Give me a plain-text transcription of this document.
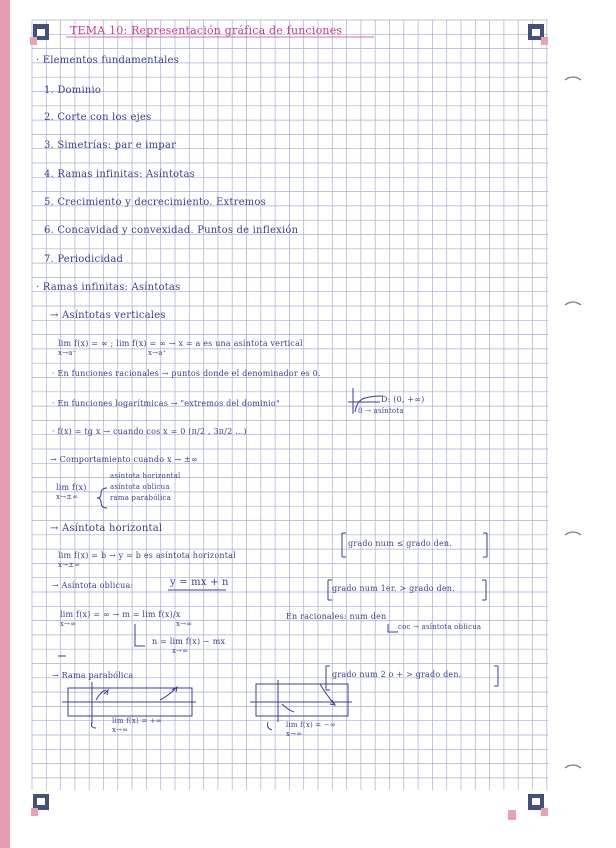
TEMA 10: Representación gráfica de funciones
· Elementos fundamentales
1. Dominio
2. Corte con los ejes
3. Simetrías: par e impar
4. Ramas infinitas: Asíntotas
5. Crecimiento y decrecimiento. Extremos
6. Concavidad y convexidad. Puntos de inflexión
7. Periodicidad
· Ramas infinitas: Asíntotas
→ Asíntotas verticales
lim f(x) = ∞ ; lim f(x) = ∞ → x = a es una asíntota vertical
x→a⁻	x→a⁺
· En funciones racionales → puntos donde el denominador es 0.
· En funciones logarítmicas → "extremos del dominio"	D: (0, +∞)
0 → asíntota
· f(x) = tg x → cuando cos x = 0 (π/2 , 3π/2 ...)
→ Comportamiento cuando x → ±∞
lim f(x)
x→±∞
asíntota horizontal
asíntota oblicua
rama parabólica
→ Asíntota horizontal
lim f(x) = b → y = b es asíntota horizontal
x→±∞
grado num ≤ grado den.
→ Asíntota oblicua:	y = mx + n
grado num 1er. > grado den.
lim f(x) = ∞ → m = lim f(x)/x
x→∞	x→∞
n = lim f(x) − mx
x→∞
En racionales: num den
coc → asíntota oblicua
→ Rama parabólica	grado num 2 o + > grado den.
lim f(x) = +∞
x→∞
lim f(x) = −∞
x→∞
